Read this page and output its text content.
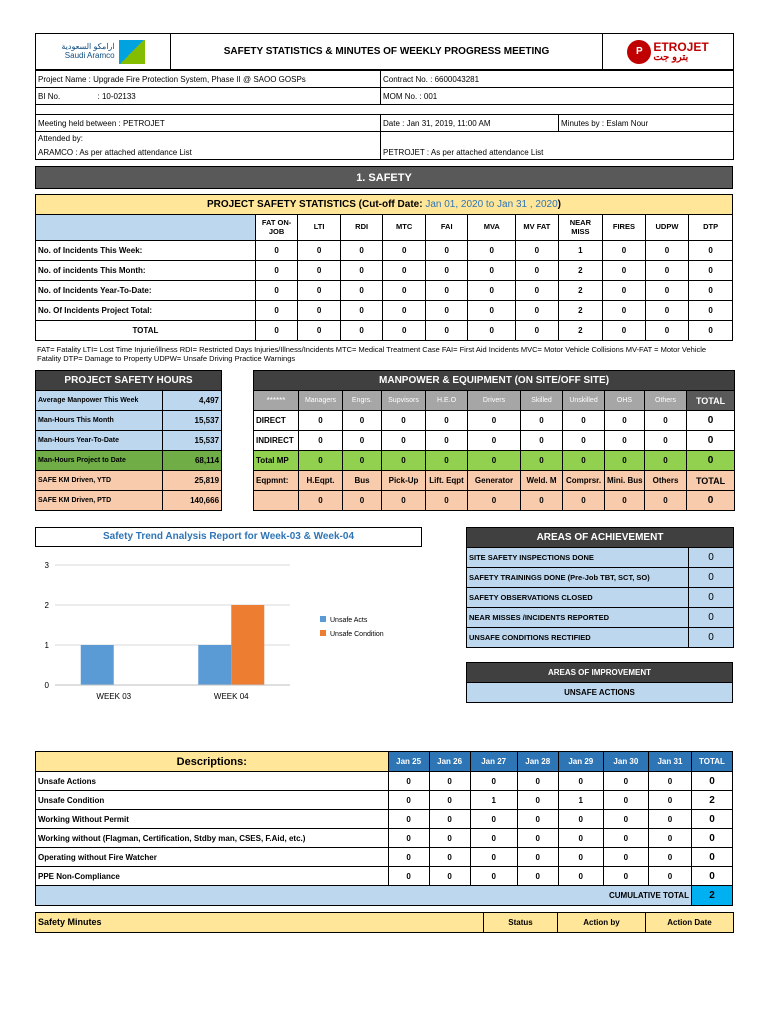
ارامكو السعودية
Saudi Aramco	SAFETY STATISTICS & MINUTES OF WEEKLY PROGRESS MEETING	P ETROJET
بترو جت
Project Name : Upgrade Fire Protection System, Phase II @ SAOO GOSPs		Contract No. : 6600043281	
BI No.	: 10-02133	MOM No. : 001	

Meeting held between : PETROJET		Date : Jan 31, 2019, 11:00 AM	Minutes by : Eslam Nour
Attended by:			
ARAMCO : As per attached attendance List		PETROJET : As per attached attendance List	
1. SAFETY											

PROJECT SAFETY STATISTICS (Cut-off Date: Jan 01, 2020 to Jan 31 , 2020)											
	FAT ON-JOB	LTI	RDI	MTC	FAI	MVA	MV FAT	NEAR MISS	FIRES	UDPW	DTP
No. of Incidents This Week:	0	0	0	0	0	0	0	1	0	0	0
No. of incidents This Month:	0	0	0	0	0	0	0	2	0	0	0
No. of Incidents Year-To-Date:	0	0	0	0	0	0	0	2	0	0	0
No. Of Incidents Project Total:	0	0	0	0	0	0	0	2	0	0	0
TOTAL	0	0	0	0	0	0	0	2	0	0	0
FAT= Fatality LTI= Lost Time Injurie/illness RDI= Restricted Days Injuries/Illness/Incidents MTC= Medical Treatment Case FAI= First Aid Incidents MVC= Motor Vehicle Collisions MV-FAT = Motor Vehicle Fatality DTP= Damage to Property UDPW= Unsafe Driving Practice Warnings
PROJECT SAFETY HOURS	
Average Manpower This Week	4,497
Man-Hours This Month	15,537
Man-Hours Year-To-Date	15,537
Man-Hours Project to Date	68,114
SAFE KM Driven, YTD	25,819
SAFE KM Driven, PTD	140,666
MANPOWER & EQUIPMENT (ON SITE/OFF SITE)										
******	Managers	Engrs.	Supvisors	H.E.O	Drivers	Skilled	Unskilled	OHS	Others	TOTAL
DIRECT	0	0	0	0	0	0	0	0	0	0
INDIRECT	0	0	0	0	0	0	0	0	0	0
Total MP	0	0	0	0	0	0	0	0	0	0
Eqpmnt:	H.Eqpt.	Bus	Pick-Up	Lift. Eqpt	Generator	Weld. M	Comprsr.	Mini. Bus	Others	TOTAL
	0	0	0	0	0	0	0	0	0	0
Safety Trend Analysis Report for Week-03 & Week-04
0
1
2
3
WEEK 03	WEEK 04
Unsafe Acts
Unsafe Condition
AREAS OF ACHIEVEMENT	
SITE SAFETY INSPECTIONS DONE	0
SAFETY TRAININGS DONE (Pre-Job TBT, SCT, SO)	0
SAFETY OBSERVATIONS CLOSED	0
NEAR MISSES /INCIDENTS REPORTED	0
UNSAFE CONDITIONS RECTIFIED	0
AREAS OF IMPROVEMENT
UNSAFE ACTIONS
Descriptions:	Jan 25	Jan 26	Jan 27	Jan 28	Jan 29	Jan 30	Jan 31	TOTAL
Unsafe Actions	0	0	0	0	0	0	0	0
Unsafe Condition	0	0	1	0	1	0	0	2
Working Without Permit	0	0	0	0	0	0	0	0
Working without (Flagman, Certification, Stdby man, CSES, F.Aid, etc.)	0	0	0	0	0	0	0	0
Operating without Fire Watcher	0	0	0	0	0	0	0	0
PPE Non-Compliance	0	0	0	0	0	0	0	0
CUMULATIVE TOTAL								2

Safety Minutes	Status	Action by	Action Date
